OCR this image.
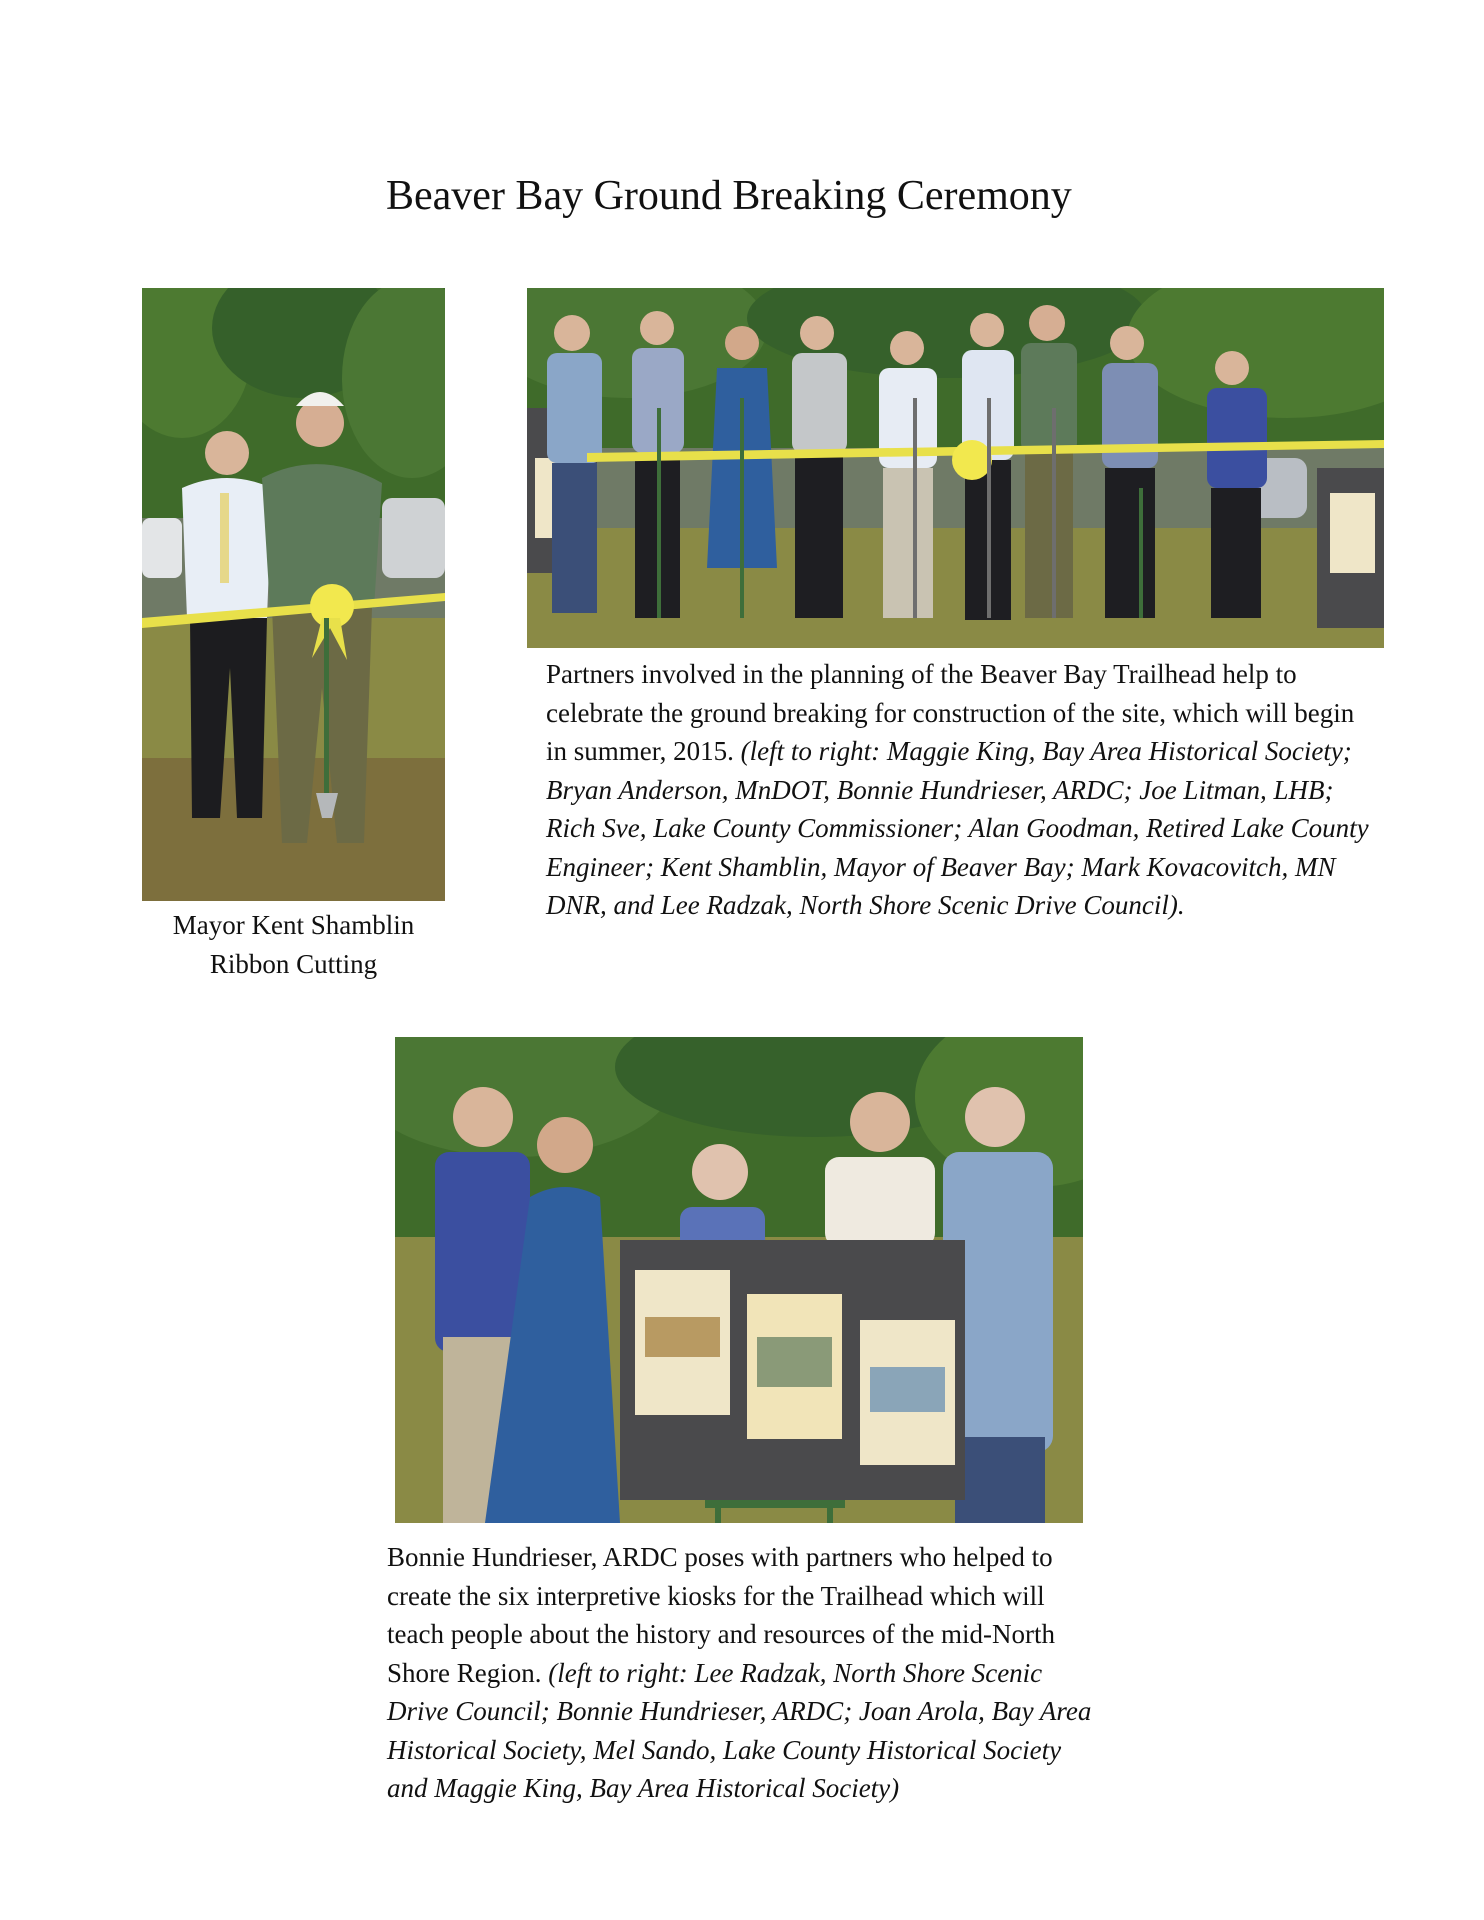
Beaver Bay Ground Breaking Ceremony
Mayor Kent Shamblin
Ribbon Cutting
Partners involved in the planning of the Beaver Bay Trailhead help to celebrate the ground breaking for construction of the site, which will begin in summer, 2015. (left to right: Maggie King, Bay Area Historical Society; Bryan Anderson, MnDOT, Bonnie Hundrieser, ARDC; Joe Litman, LHB; Rich Sve, Lake County Commissioner; Alan Goodman, Retired Lake County Engineer; Kent Shamblin, Mayor of Beaver Bay; Mark Kovacovitch, MN DNR, and Lee Radzak, North Shore Scenic Drive Council).
Bonnie Hundrieser, ARDC poses with partners who helped to create the six interpretive kiosks for the Trailhead which will teach people about the history and resources of the mid-North Shore Region. (left to right: Lee Radzak, North Shore Scenic Drive Council; Bonnie Hundrieser, ARDC; Joan Arola, Bay Area Historical Society, Mel Sando, Lake County Historical Society and Maggie King, Bay Area Historical Society)
